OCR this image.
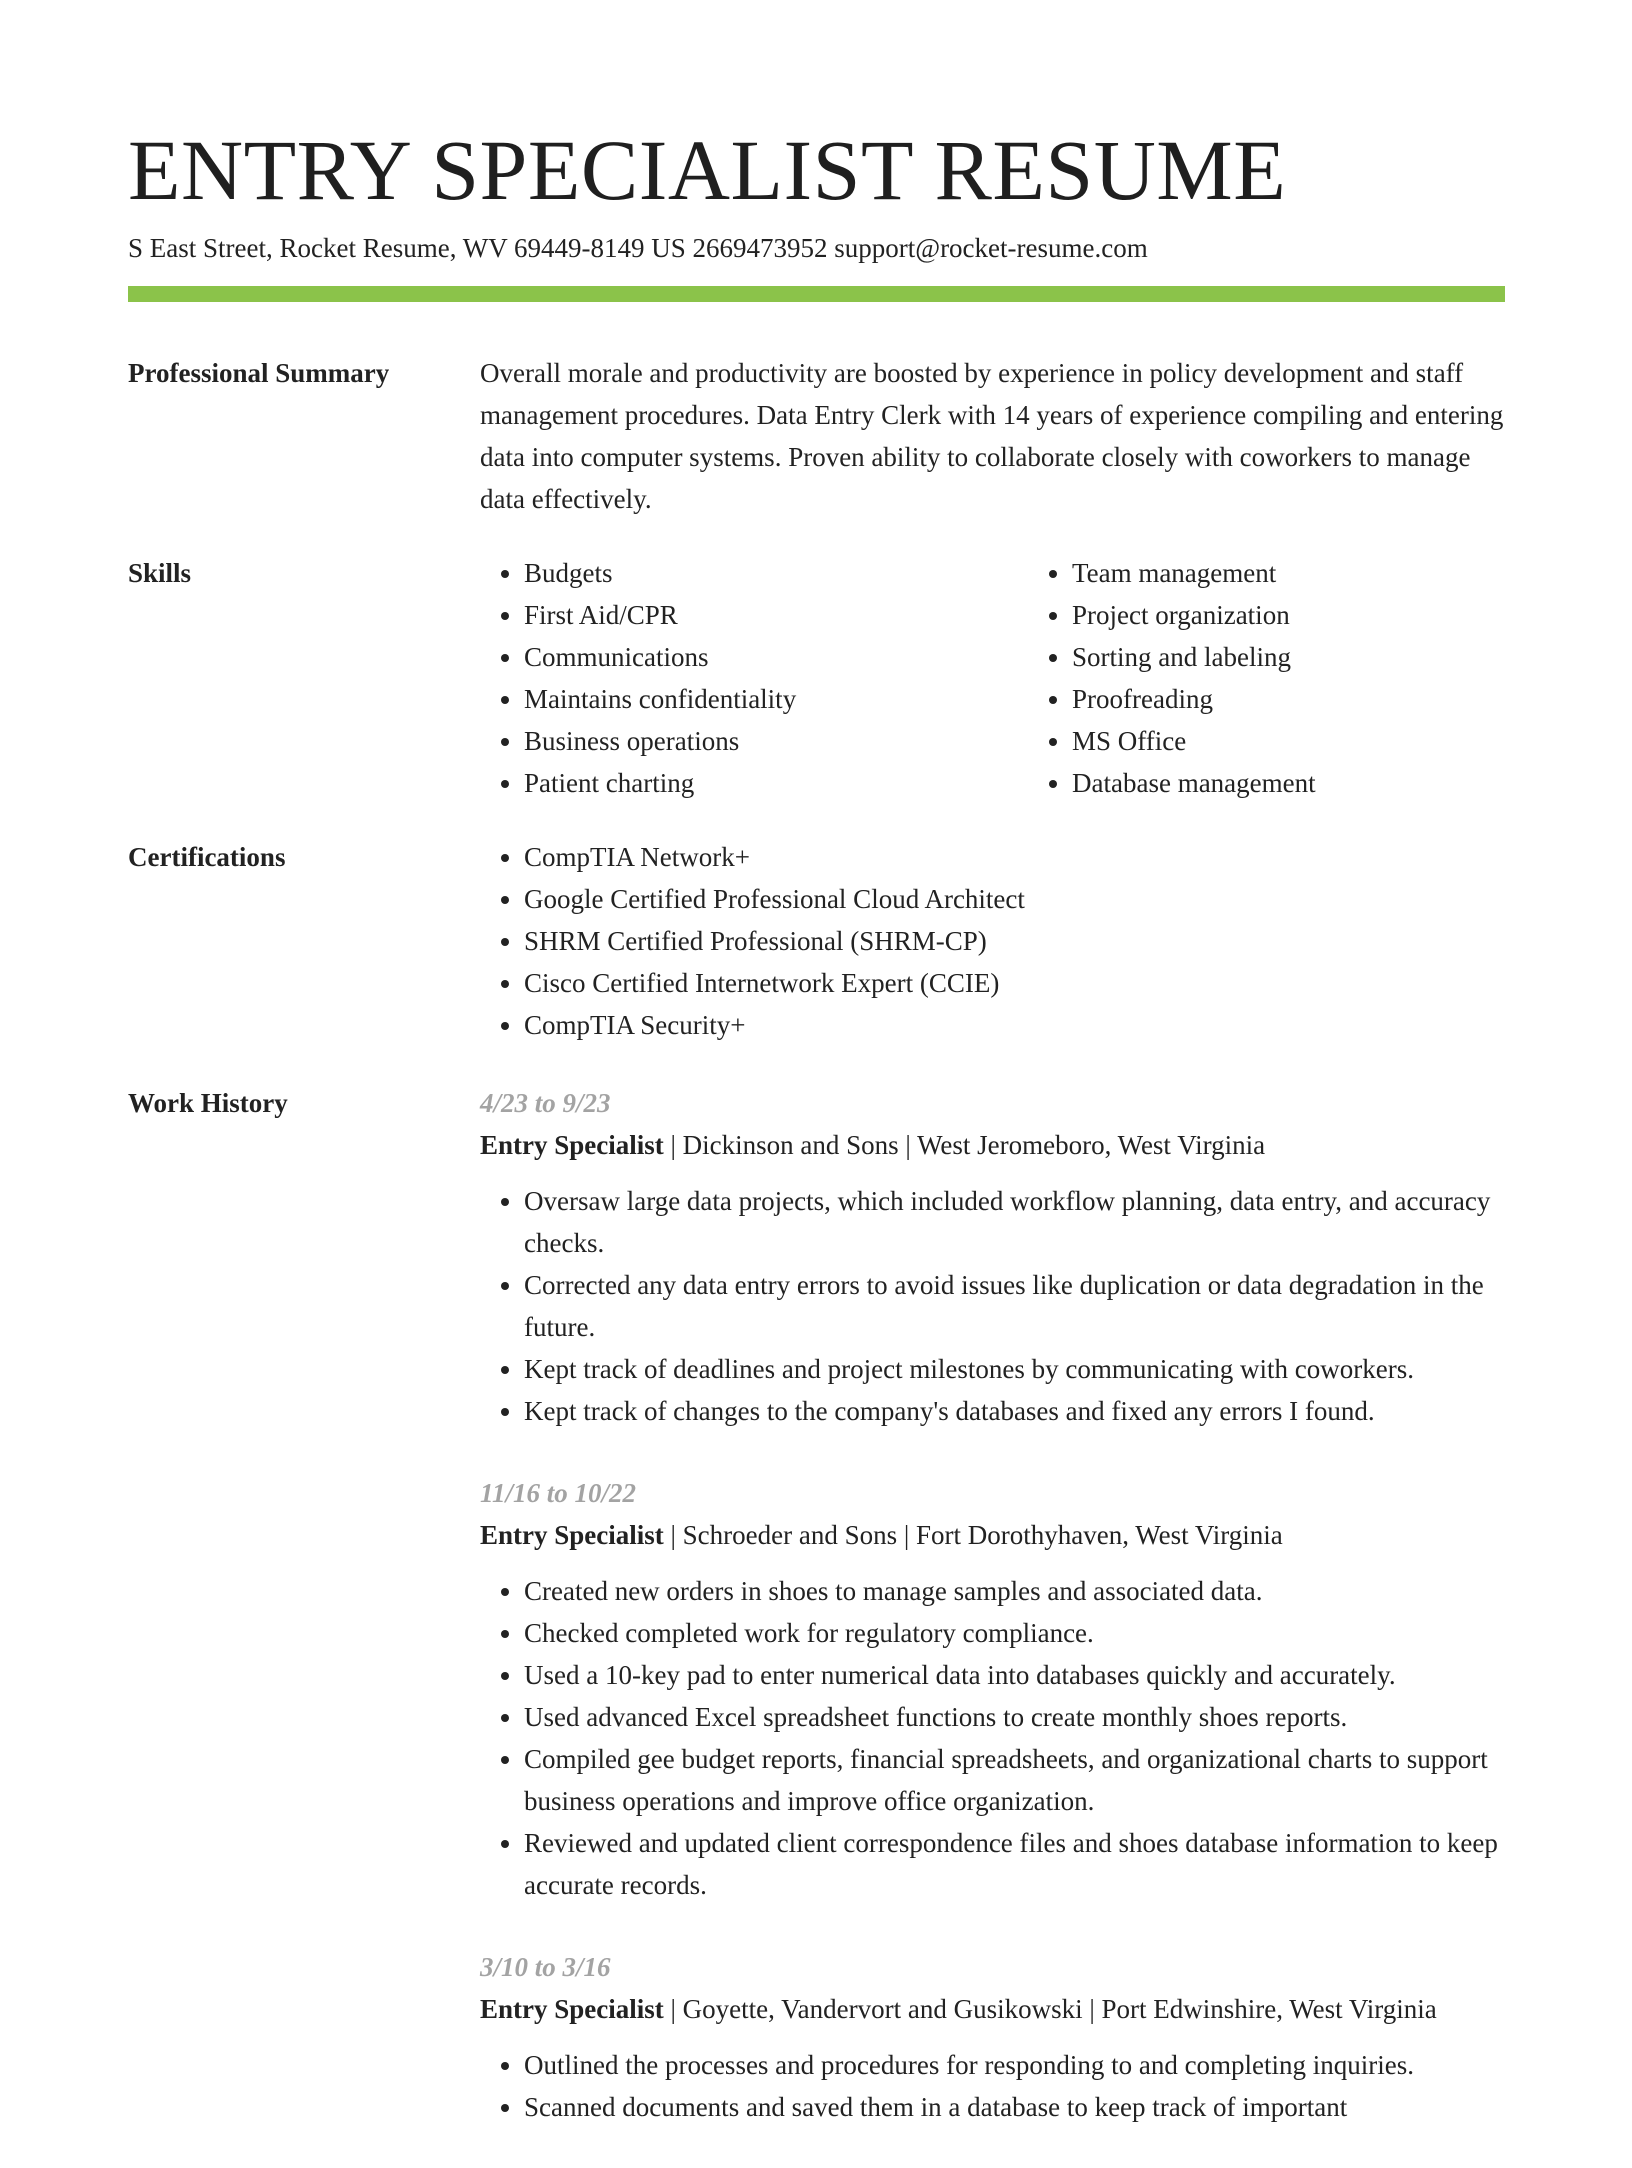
ENTRY SPECIALIST RESUME
S East Street, Rocket Resume, WV 69449-8149 US 2669473952 support@rocket-resume.com
Professional Summary	Overall morale and productivity are boosted by experience in policy development and staff management procedures. Data Entry Clerk with 14 years of experience compiling and entering data into computer systems. Proven ability to collaborate closely with coworkers to manage data effectively.

Skills	• Budgets
• First Aid/CPR
• Communications
• Maintains confidentiality
• Business operations
• Patient charting
• Team management
• Project organization
• Sorting and labeling
• Proofreading
• MS Office
• Database management
Certifications	• CompTIA Network+
• Google Certified Professional Cloud Architect
• SHRM Certified Professional (SHRM-CP)
• Cisco Certified Internetwork Expert (CCIE)
• CompTIA Security+
Work History	4/23 to 9/23
Entry Specialist | Dickinson and Sons | West Jeromeboro, West Virginia
• Oversaw large data projects, which included workflow planning, data entry, and accuracy checks.
• Corrected any data entry errors to avoid issues like duplication or data degradation in the future.
• Kept track of deadlines and project milestones by communicating with coworkers.
• Kept track of changes to the company's databases and fixed any errors I found.
11/16 to 10/22
Entry Specialist | Schroeder and Sons | Fort Dorothyhaven, West Virginia
• Created new orders in shoes to manage samples and associated data.
• Checked completed work for regulatory compliance.
• Used a 10-key pad to enter numerical data into databases quickly and accurately.
• Used advanced Excel spreadsheet functions to create monthly shoes reports.
• Compiled gee budget reports, financial spreadsheets, and organizational charts to support business operations and improve office organization.
• Reviewed and updated client correspondence files and shoes database information to keep accurate records.
3/10 to 3/16
Entry Specialist | Goyette, Vandervort and Gusikowski | Port Edwinshire, West Virginia
• Outlined the processes and procedures for responding to and completing inquiries.
• Scanned documents and saved them in a database to keep track of important
